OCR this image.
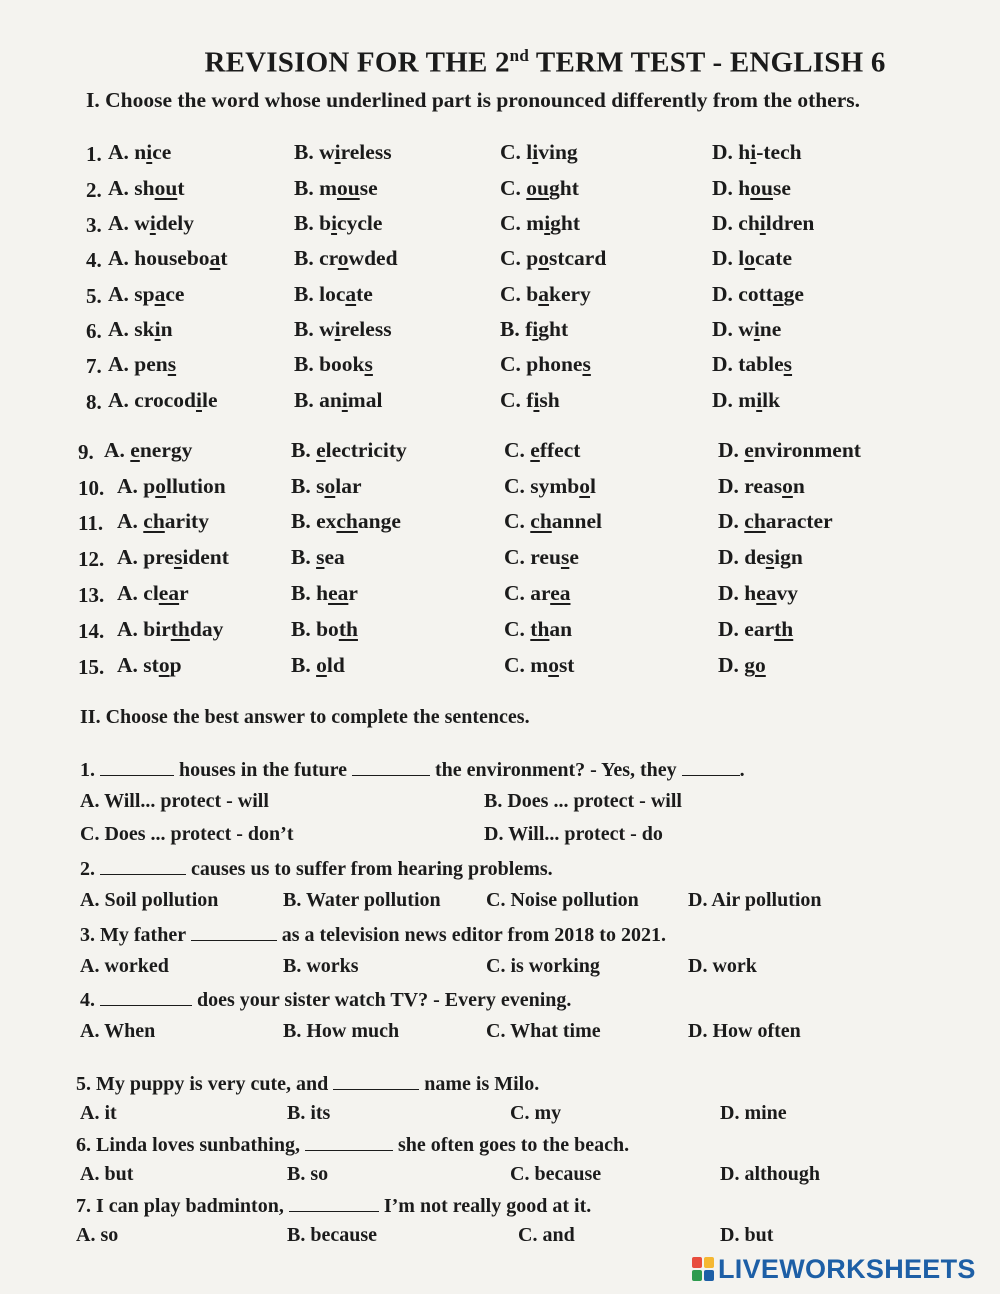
REVISION FOR THE 2nd TERM TEST - ENGLISH 6
I. Choose the word whose underlined part is pronounced differently from the others.
1. A. nice	B. wireless	C. living	D. hi-tech
2. A. shout	B. mouse	C. ought	D. house
3. A. widely	B. bicycle	C. might	D. children
4. A. houseboat	B. crowded	C. postcard	D. locate
5. A. space	B. locate	C. bakery	D. cottage
6. A. skin	B. wireless	B. fight	D. wine
7. A. pens	B. books	C. phones	D. tables
8. A. crocodile	B. animal	C. fish	D. milk
9. A. energy	B. electricity	C. effect	D. environment
10. A. pollution	B. solar	C. symbol	D. reason
11. A. charity	B. exchange	C. channel	D. character
12. A. president	B. sea	C. reuse	D. design
13. A. clear	B. hear	C. area	D. heavy
14. A. birthday	B. both	C. than	D. earth
15. A. stop	B. old	C. most	D. go
II. Choose the best answer to complete the sentences.
1.	houses in the future	the environment? - Yes, they	.
A. Will... protect - will	B. Does ... protect - will
C. Does ... protect - don’t	D. Will... protect - do
2.	causes us to suffer from hearing problems.
A. Soil pollution	B. Water pollution C. Noise pollution D. Air pollution
3. My father	as a television news editor from 2018 to 2021.
A. worked	B. works	C. is working	D. work
4.	does your sister watch TV? - Every evening.
A. When	B. How much	C. What time	D. How often
5. My puppy is very cute, and	name is Milo.
A. it	B. its	C. my	D. mine
6. Linda loves sunbathing,	she often goes to the beach.
A. but	B. so	C. because	D. although
7. I can play badminton,	I’m not really good at it.
A. so	B. because	C. and	D. but
LIVEWORKSHEETS
